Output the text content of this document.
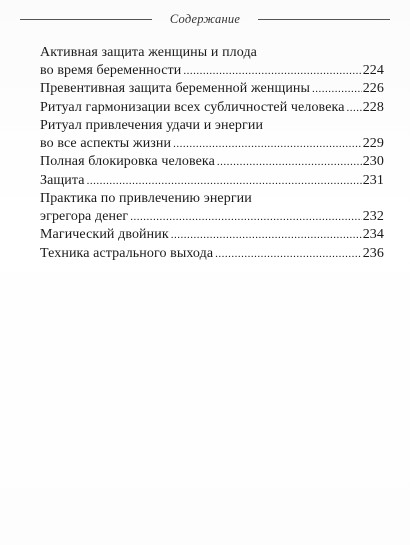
Содержание
Активная защита женщины и плода
во время беременности .....	224
Превентивная защита беременной женщины .....	226
Ритуал гармонизации всех субличностей человека ..... 228
Ритуал привлечения удачи и энергии
во все аспекты жизни .....	229
Полная блокировка человека .....	230
Защита .....	231
Практика по привлечению энергии
эгрегора денег .....	232
Магический двойник .....	234
Техника астрального выхода .....	236
